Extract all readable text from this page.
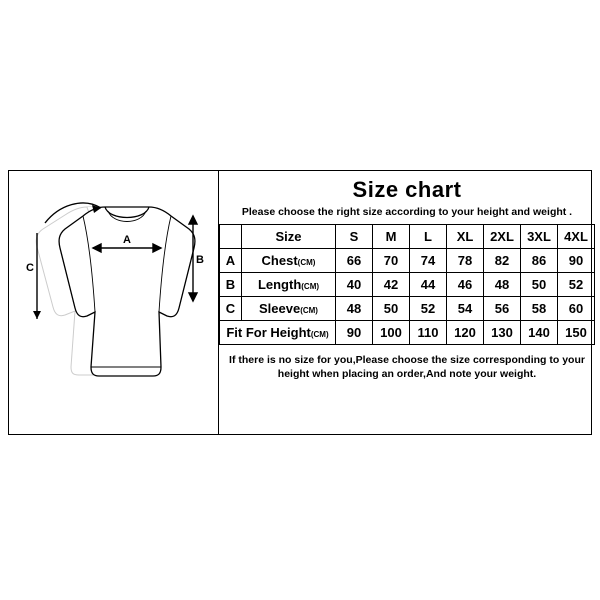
A
B
C
Size chart
Please choose the right size according to your height and weight .
	Size	S	M	L	XL	2XL	3XL	4XL
A	Chest(CM)	66	70	74	78	82	86	90
B	Length(CM)	40	42	44	46	48	50	52
C	Sleeve(CM)	48	50	52	54	56	58	60
Fit For Height(CM)		90	100	110	120	130	140	150
If there is no size for you,Please choose the size corresponding to your height when placing an order,And note your weight.
